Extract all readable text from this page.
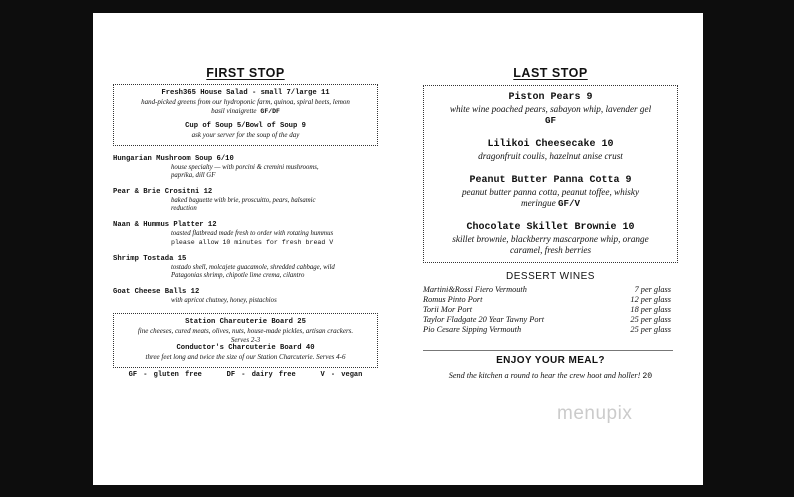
FIRST STOP
Fresh365 House Salad - small 7/large 11
hand-picked greens from our hydroponic farm, quinoa, spiral beets, lemon
basil vinaigrette GF/DF
Cup of Soup 5/Bowl of Soup 9
ask your server for the soup of the day
Hungarian Mushroom Soup 6/10
house specialty — with porcini & cremini mushrooms,
paprika, dill GF
Pear & Brie Crositni 12
baked baguette with brie, proscuitto, pears, balsamic
reduction
Naan & Hummus Platter 12
toasted flatbread made fresh to order with rotating hummus
please allow 10 minutes for fresh bread V
Shrimp Tostada 15
tostado shell, molcajete guacamole, shredded cabbage, wild
Patagonias shrimp, chipotle lime crema, cilantro
Goat Cheese Balls 12
with apricot chutney, honey, pistachios
Station Charcuterie Board 25
fine cheeses, cured meats, olives, nuts, house-made pickles, artisan crackers.
Serves 2-3
Conductor's Charcuterie Board 40
three feet long and twice the size of our Station Charcuterie. Serves 4-6
GF - gluten free    DF - dairy free    V - vegan
LAST STOP
Piston Pears 9
white wine poached pears, sabayon whip, lavender gel
GF
Lilikoi Cheesecake 10
dragonfruit coulis, hazelnut anise crust
Peanut Butter Panna Cotta 9
peanut butter panna cotta, peanut toffee, whisky
meringue GF/V
Chocolate Skillet Brownie 10
skillet brownie, blackberry mascarpone whip, orange
caramel, fresh berries
DESSERT WINES
Martini&Rossi Fiero Vermouth	7 per glass
Romus Pinto Port	12 per glass
Torii Mor Port	18 per glass
Taylor Fladgate 20 Year Tawny Port	25 per glass
Pio Cesare Sipping Vermouth	25 per glass
ENJOY YOUR MEAL?
Send the kitchen a round to hear the crew hoot and holler! 20
menupix
